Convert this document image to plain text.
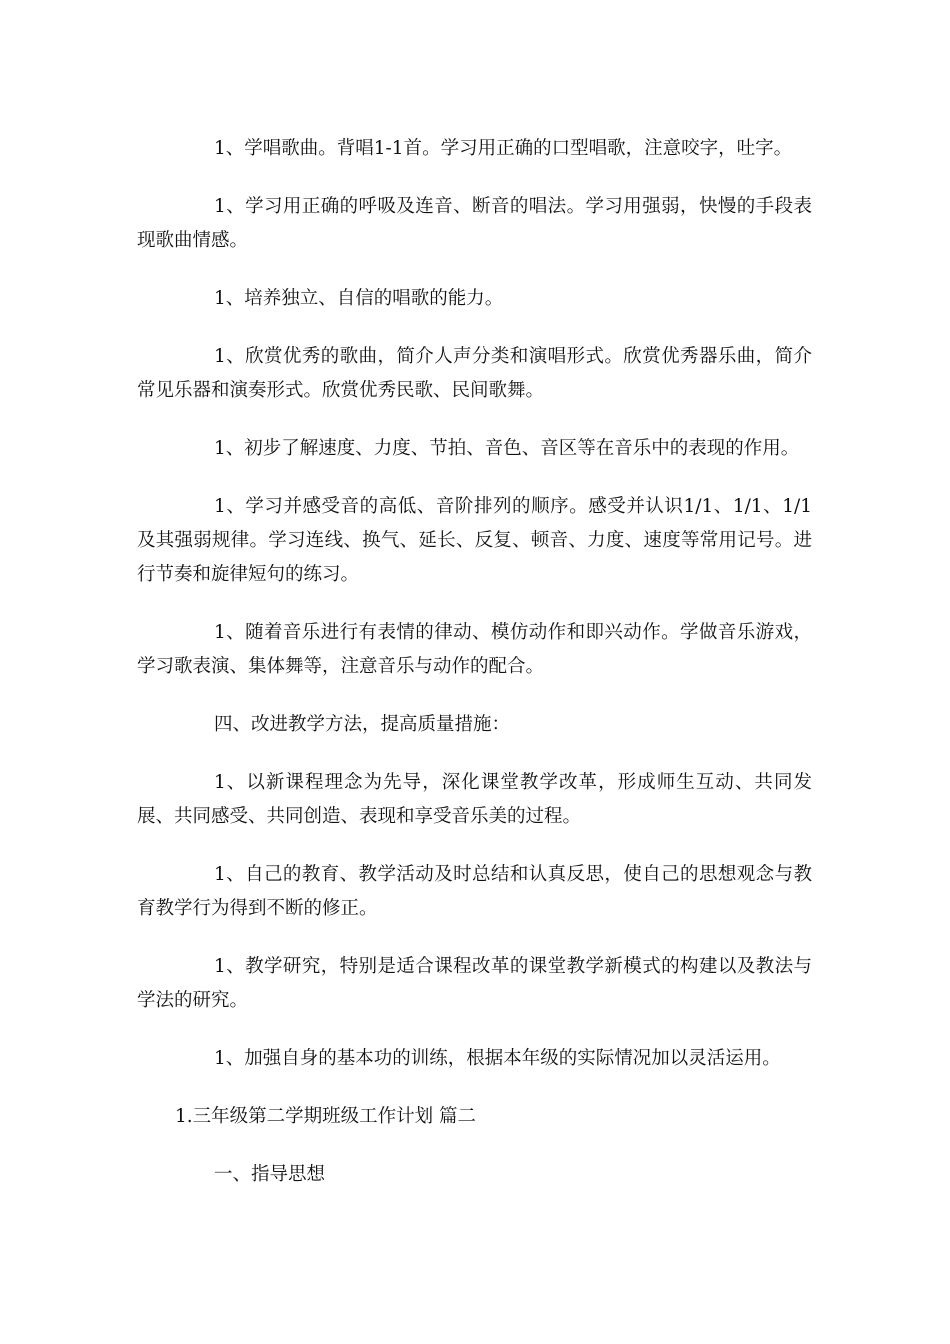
1、学唱歌曲。背唱1-1首。学习用正确的口型唱歌，注意咬字，吐字。

1、学习用正确的呼吸及连音、断音的唱法。学习用强弱，快慢的手段表现歌曲情感。

1、培养独立、自信的唱歌的能力。

1、欣赏优秀的歌曲，简介人声分类和演唱形式。欣赏优秀器乐曲，简介常见乐器和演奏形式。欣赏优秀民歌、民间歌舞。

1、初步了解速度、力度、节拍、音色、音区等在音乐中的表现的作用。

1、学习并感受音的高低、音阶排列的顺序。感受并认识1/1、1/1、1/1及其强弱规律。学习连线、换气、延长、反复、顿音、力度、速度等常用记号。进行节奏和旋律短句的练习。

1、随着音乐进行有表情的律动、模仿动作和即兴动作。学做音乐游戏，学习歌表演、集体舞等，注意音乐与动作的配合。

四、改进教学方法，提高质量措施：

1、以新课程理念为先导，深化课堂教学改革，形成师生互动、共同发展、共同感受、共同创造、表现和享受音乐美的过程。

1、自己的教育、教学活动及时总结和认真反思，使自己的思想观念与教育教学行为得到不断的修正。

1、教学研究，特别是适合课程改革的课堂教学新模式的构建以及教法与学法的研究。

1、加强自身的基本功的训练，根据本年级的实际情况加以灵活运用。

1.三年级第二学期班级工作计划 篇二

一、指导思想
